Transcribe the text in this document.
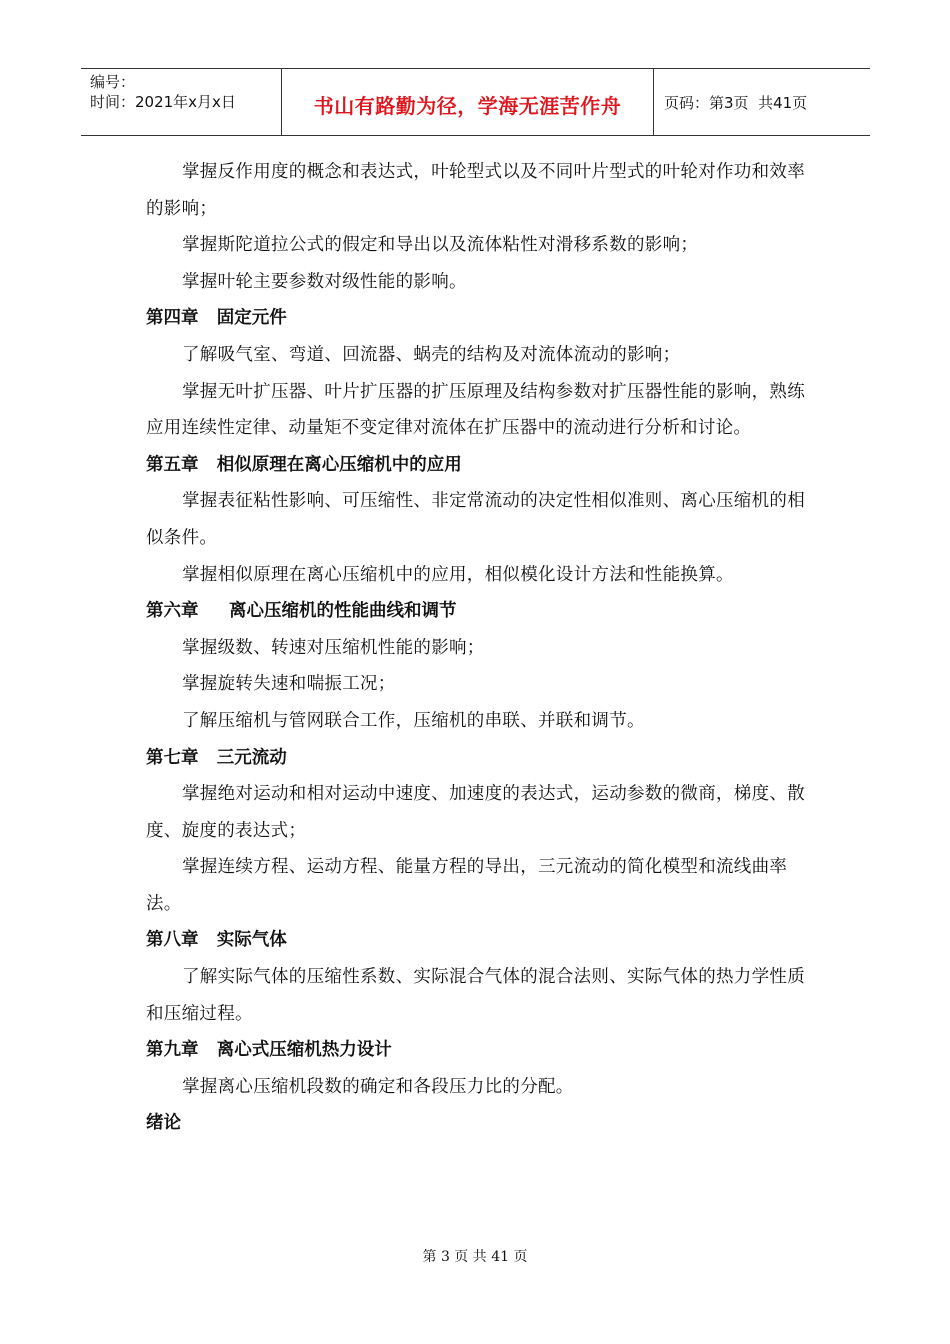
编号：
时间：2021年x月x日	书山有路勤为径，学海无涯苦作舟	页码：第3页  共41页

掌握反作用度的概念和表达式，叶轮型式以及不同叶片型式的叶轮对作功和效率的影响；

掌握斯陀道拉公式的假定和导出以及流体粘性对滑移系数的影响；

掌握叶轮主要参数对级性能的影响。

第四章   固定元件

了解吸气室、弯道、回流器、蜗壳的结构及对流体流动的影响；

掌握无叶扩压器、叶片扩压器的扩压原理及结构参数对扩压器性能的影响，熟练应用连续性定律、动量矩不变定律对流体在扩压器中的流动进行分析和讨论。

第五章   相似原理在离心压缩机中的应用

掌握表征粘性影响、可压缩性、非定常流动的决定性相似准则、离心压缩机的相似条件。

掌握相似原理在离心压缩机中的应用，相似模化设计方法和性能换算。

第六章     离心压缩机的性能曲线和调节

掌握级数、转速对压缩机性能的影响；

掌握旋转失速和喘振工况；

了解压缩机与管网联合工作，压缩机的串联、并联和调节。

第七章   三元流动

掌握绝对运动和相对运动中速度、加速度的表达式，运动参数的微商，梯度、散度、旋度的表达式；

掌握连续方程、运动方程、能量方程的导出，三元流动的简化模型和流线曲率法。

第八章   实际气体

了解实际气体的压缩性系数、实际混合气体的混合法则、实际气体的热力学性质和压缩过程。

第九章   离心式压缩机热力设计

掌握离心压缩机段数的确定和各段压力比的分配。

绪论

第 3 页 共 41 页
